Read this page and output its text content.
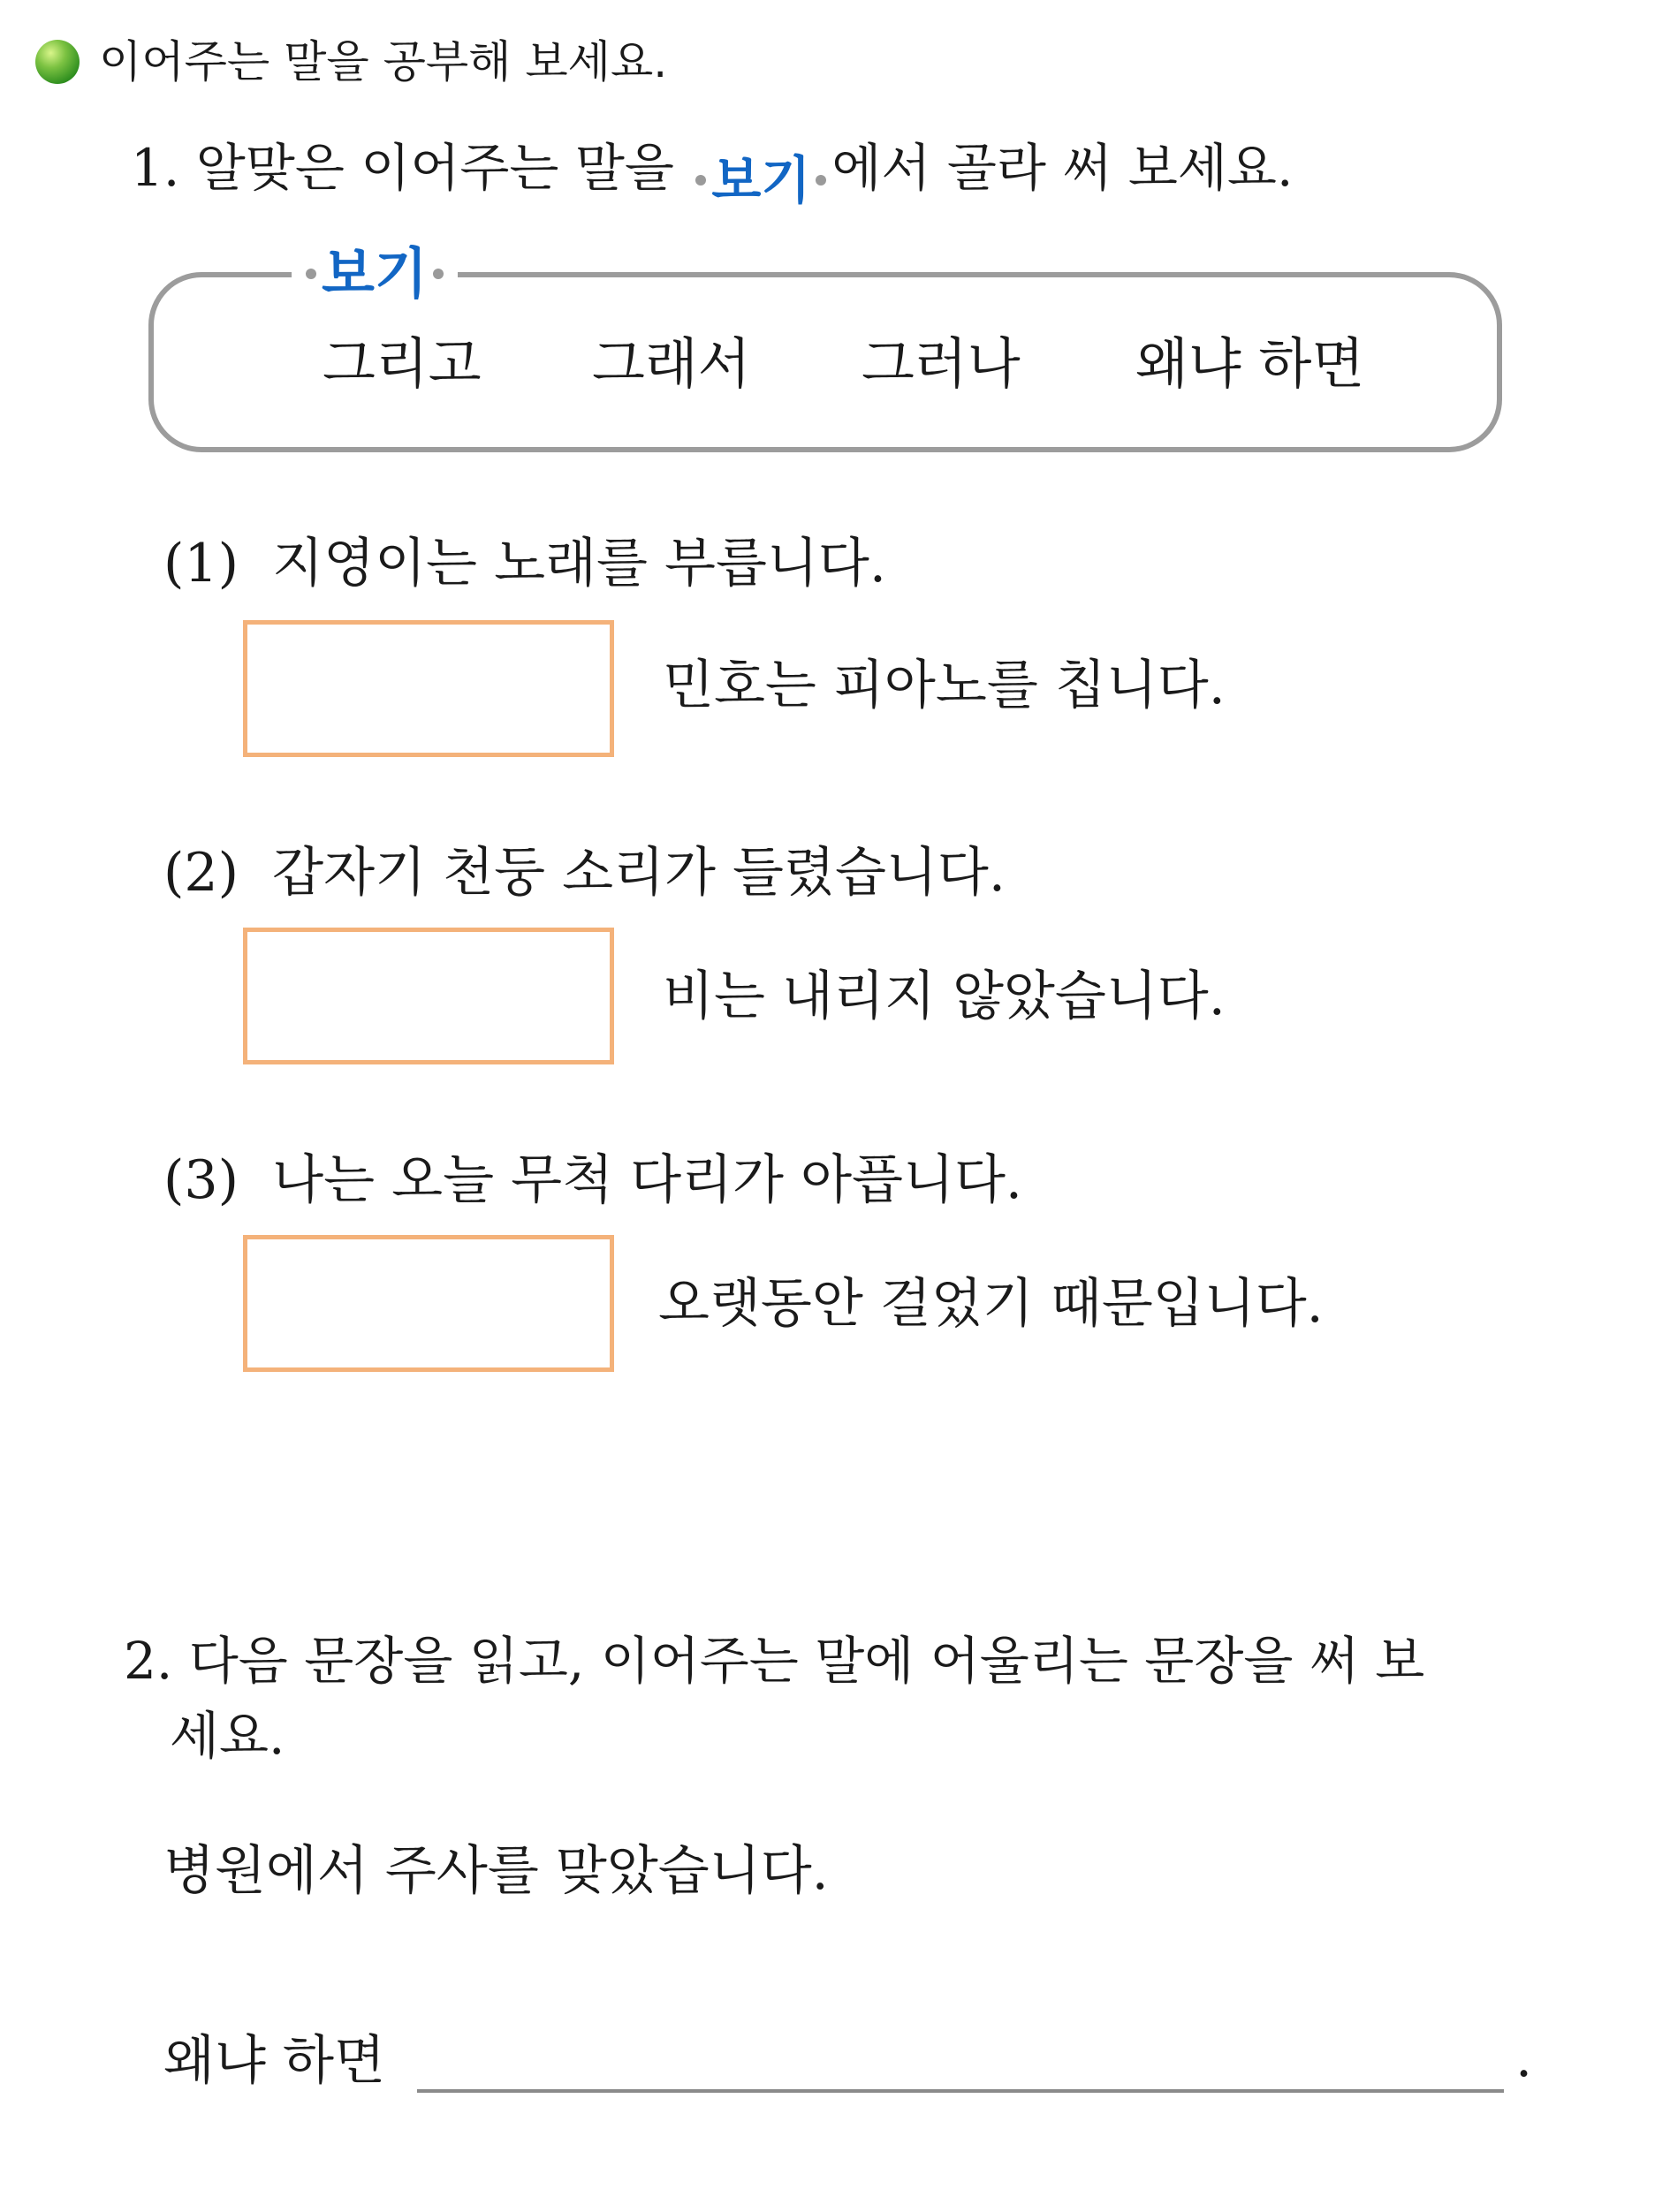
이어주는 말을 공부해 보세요.
1. 알맞은 이어주는 말을 보기 에서 골라 써 보세요.
보기
그리고 그래서 그러나 왜냐 하면
(1) 지영이는 노래를 부릅니다.
민호는 피아노를 칩니다.
(2) 갑자기 천둥 소리가 들렸습니다.
비는 내리지 않았습니다.
(3) 나는 오늘 무척 다리가 아픕니다.
오랫동안 걸었기 때문입니다.
2. 다음 문장을 읽고, 이어주는 말에 어울리는 문장을 써 보
세요.
병원에서 주사를 맞았습니다.
왜냐 하면	.
